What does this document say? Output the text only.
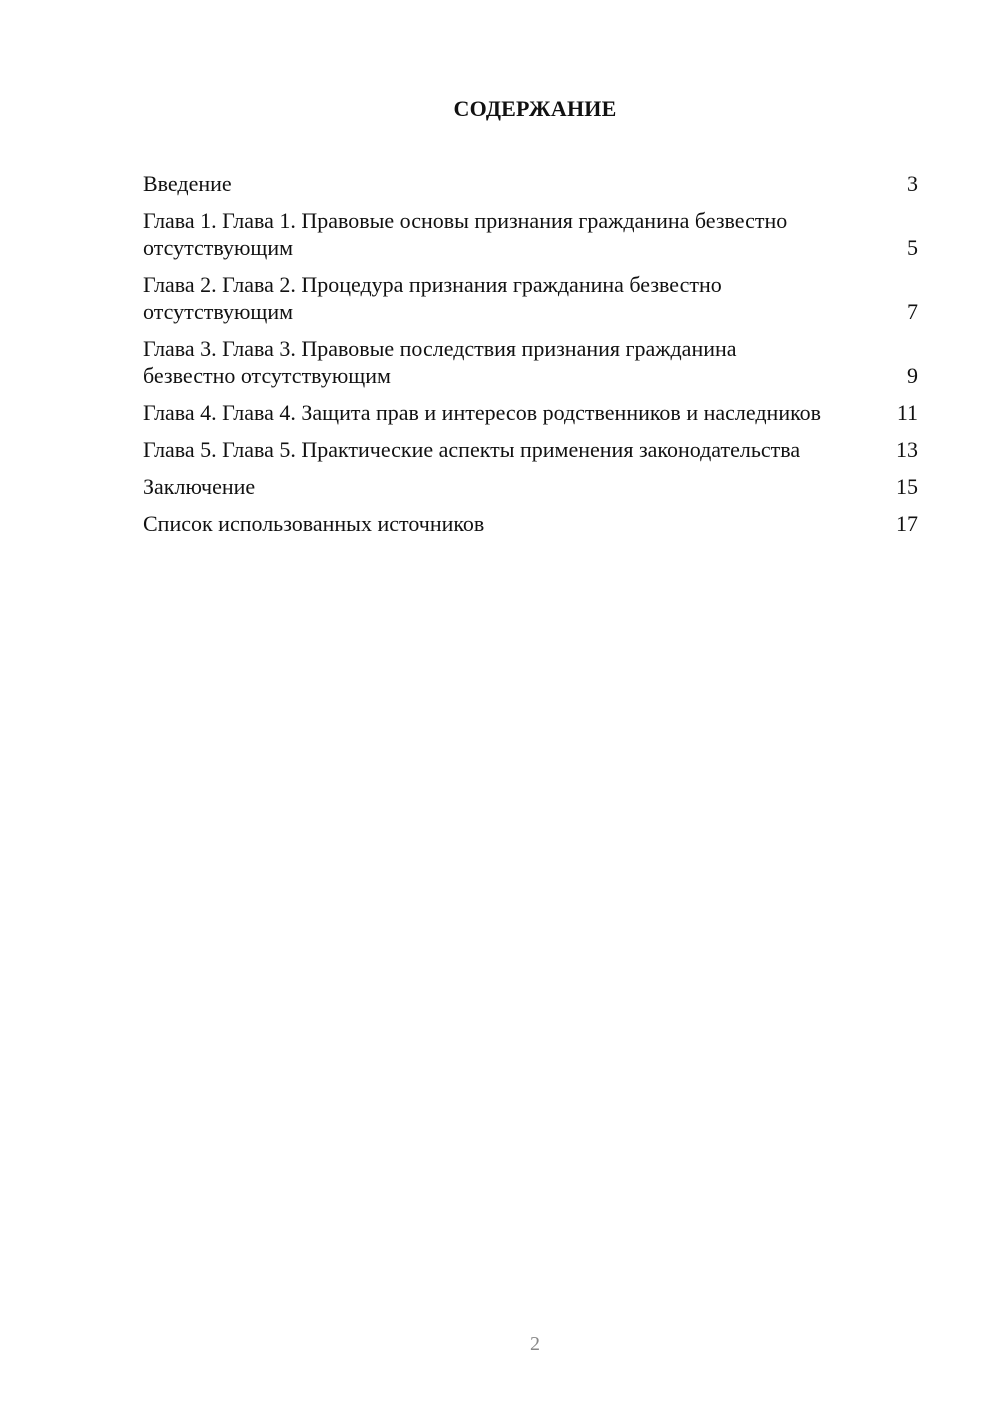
СОДЕРЖАНИЕ
Введение	3
Глава 1. Глава 1. Правовые основы признания гражданина безвестно отсутствующим	5
Глава 2. Глава 2. Процедура признания гражданина безвестно отсутствующим	7
Глава 3. Глава 3. Правовые последствия признания гражданина безвестно отсутствующим	9
Глава 4. Глава 4. Защита прав и интересов родственников и наследников	11
Глава 5. Глава 5. Практические аспекты применения законодательства	13
Заключение	15
Список использованных источников	17
2
